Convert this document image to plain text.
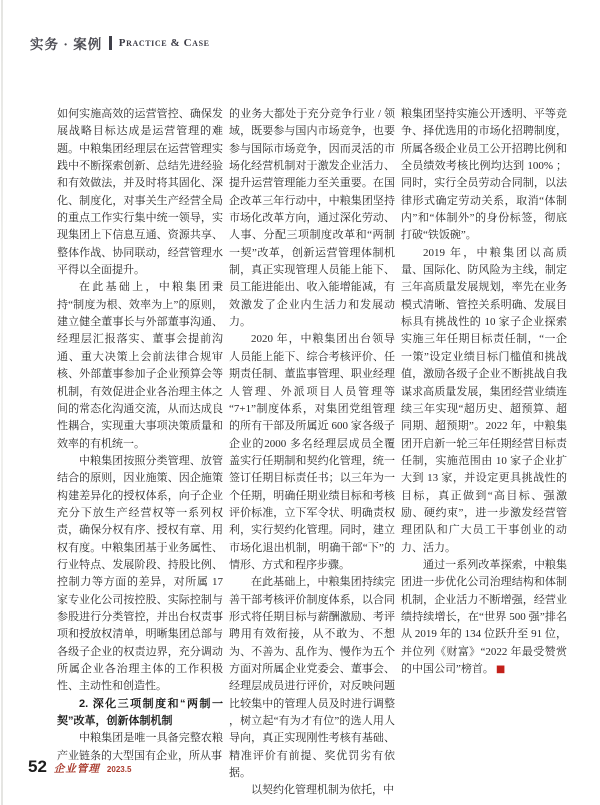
实务 · 案例 Practice & Case

如何实施高效的运营管控、确保发展战略目标达成是运营管理的难题。中粮集团经理层在运营管理实践中不断探索创新、总结先进经验和有效做法，并及时将其固化、深化、制度化，对事关生产经营全局的重点工作实行集中统一领导，实现集团上下信息互通、资源共享、整体作战、协同联动，经营管理水平得以全面提升。

在此基础上，中粮集团秉持“制度为根、效率为上”的原则，建立健全董事长与外部董事沟通、经理层汇报落实、董事会提前沟通、重大决策上会前法律合规审核、外部董事参加子企业预算会等机制，有效促进企业各治理主体之间的常态化沟通交流，从而达成良性耦合，实现重大事项决策质量和效率的有机统一。

中粮集团按照分类管理、放管结合的原则，因业施策、因企施策构建差异化的授权体系，向子企业充分下放生产经营权等一系列权责，确保分权有序、授权有章、用权有度。中粮集团基于业务属性、行业特点、发展阶段、持股比例、控制力等方面的差异，对所属 17 家专业化公司按控股、实际控制与参股进行分类管控，并出台权责事项和授放权清单，明晰集团总部与各级子企业的权责边界，充分调动所属企业各治理主体的工作积极性、主动性和创造性。

2. 深化三项制度和“两制一契”改革，创新体制机制

中粮集团是唯一具备完整农粮产业链条的大型国有企业，所从事

的业务大都处于充分竞争行业 / 领域，既要参与国内市场竞争，也要参与国际市场竞争，因而灵活的市场化经营机制对于激发企业活力、提升运营管理能力至关重要。在国企改革三年行动中，中粮集团坚持市场化改革方向，通过深化劳动、人事、分配三项制度改革和“两制一契”改革，创新运营管理体制机制，真正实现管理人员能上能下、员工能进能出、收入能增能减，有效激发了企业内生活力和发展动力。

2020 年，中粮集团出台领导人员能上能下、综合考核评价、任期责任制、董监事管理、职业经理人管理、外派项目人员管理等 “7+1”制度体系，对集团党组管理的所有干部及所属近 600 家各级子企业的2000 多名经理层成员全覆盖实行任期制和契约化管理，统一签订任期目标责任书；以三年为一个任期，明确任期业绩目标和考核评价标准，立下军令状、明确责权利，实行契约化管理。同时，建立市场化退出机制，明确干部“下”的情形、方式和程序步骤。

在此基础上，中粮集团持续完善干部考核评价制度体系，以合同形式将任期目标与薪酬激励、考评聘用有效衔接，从不敢为、不想为、不善为、乱作为、慢作为五个方面对所属企业党委会、董事会、经理层成员进行评价，对反映问题比较集中的管理人员及时进行调整 ，树立起“有为才有位”的选人用人导向，真正实现刚性考核有基础、精准评价有前提、奖优罚劣有依据。

以契约化管理机制为依托，中

粮集团坚持实施公开透明、平等竞争、择优选用的市场化招聘制度，所属各级企业员工公开招聘比例和全员绩效考核比例均达到 100% ；同时，实行全员劳动合同制，以法律形式确定劳动关系，取消“体制内”和“体制外”的身份标签，彻底打破“铁饭碗”。

2019 年，中粮集团以高质量、国际化、防风险为主线，制定三年高质量发展规划，率先在业务模式清晰、管控关系明确、发展目标具有挑战性的 10 家子企业探索实施三年任期目标责任制，“一企一策”设定业绩目标门槛值和挑战值，激励各级子企业不断挑战自我谋求高质量发展，集团经营业绩连续三年实现“超历史、超预算、超同期、超预期”。2022 年，中粮集团开启新一轮三年任期经营目标责任制，实施范围由 10 家子企业扩大到 13 家，并设定更具挑战性的目标，真正做到“高目标、强激励、硬约束”，进一步激发经营管理团队和广大员工干事创业的动力、活力。

通过一系列改革探索，中粮集团进一步优化公司治理结构和体制机制，企业活力不断增强，经营业绩持续增长，在“世界 500 强”排名从 2019 年的 134 位跃升至 91 位，并位列《财富》“2022 年最受赞赏的中国公司”榜首。 ■

52 企业管理 2023.5
